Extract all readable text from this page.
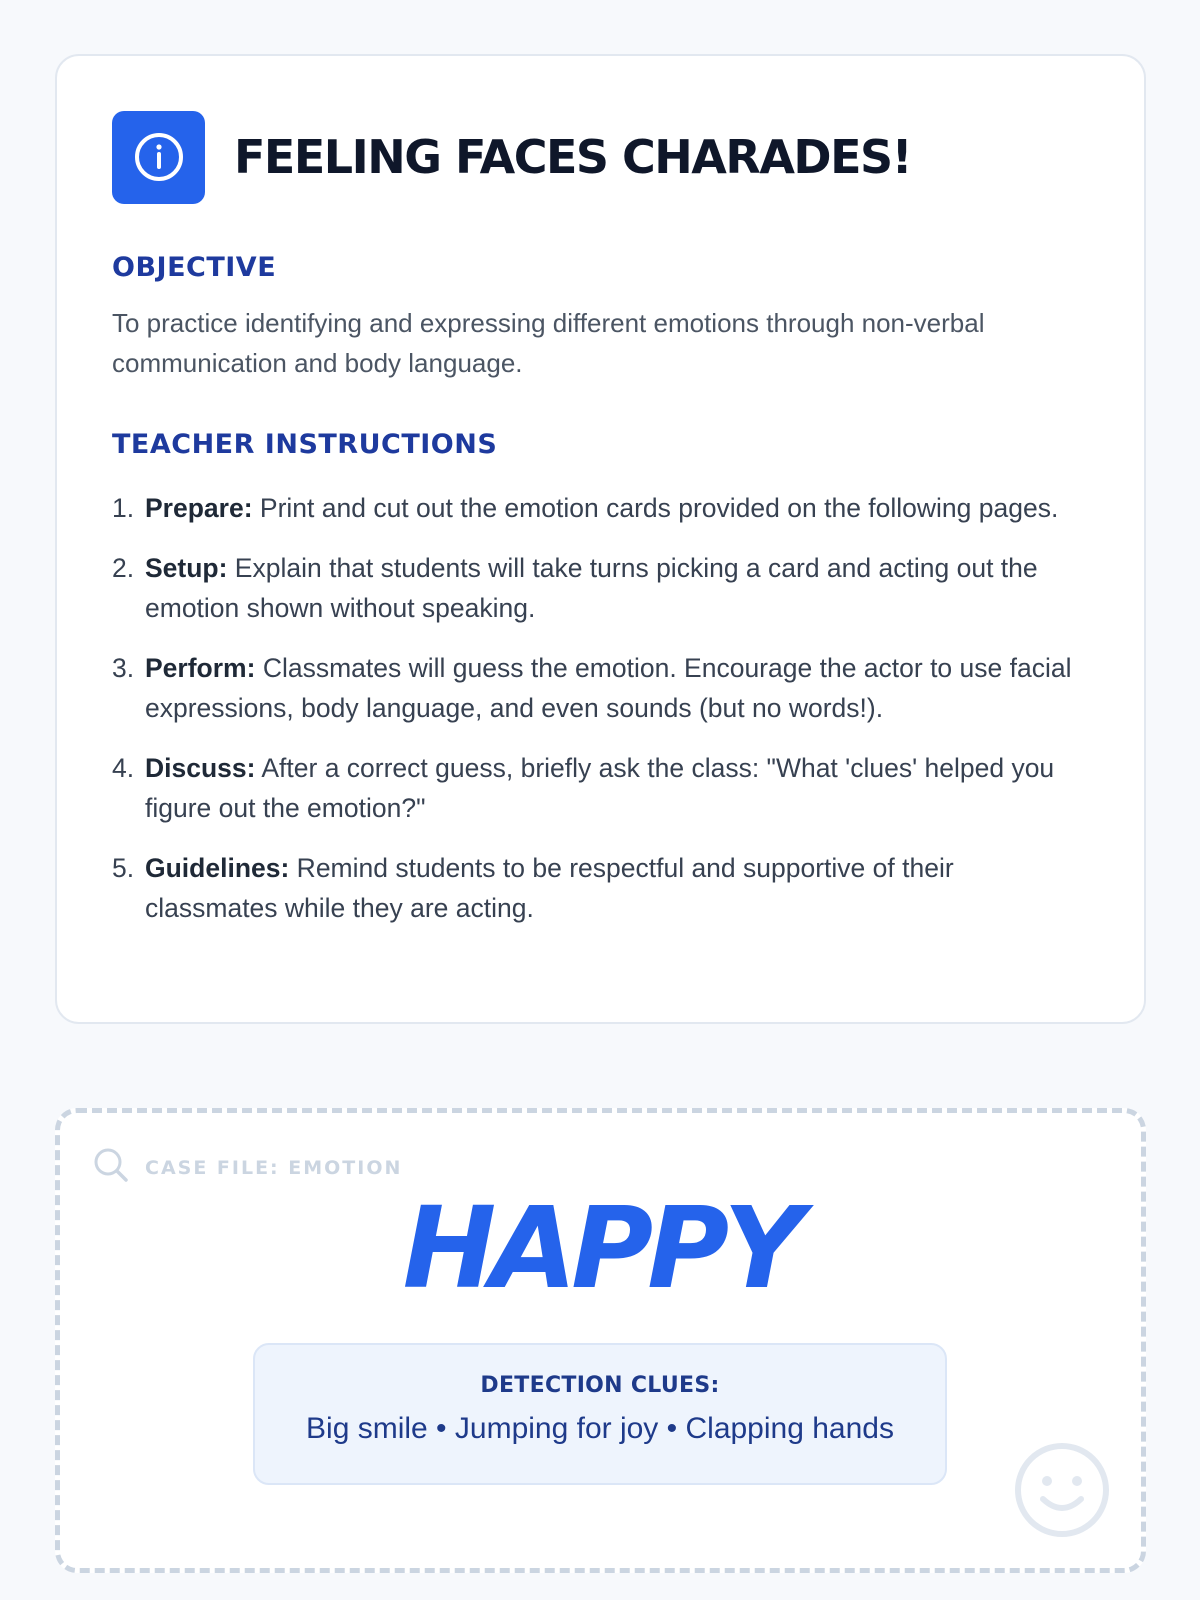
FEELING FACES CHARADES!
OBJECTIVE

To practice identifying and expressing different emotions through non-verbal communication and body language.

TEACHER INSTRUCTIONS
1. Prepare: Print and cut out the emotion cards provided on the following pages.
2. Setup: Explain that students will take turns picking a card and acting out the emotion shown without speaking.
3. Perform: Classmates will guess the emotion. Encourage the actor to use facial expressions, body language, and even sounds (but no words!).
4. Discuss: After a correct guess, briefly ask the class: "What 'clues' helped you figure out the emotion?"
5. Guidelines: Remind students to be respectful and supportive of their classmates while they are acting.
CASE FILE: EMOTION
HAPPY
DETECTION CLUES:
Big smile • Jumping for joy • Clapping hands
